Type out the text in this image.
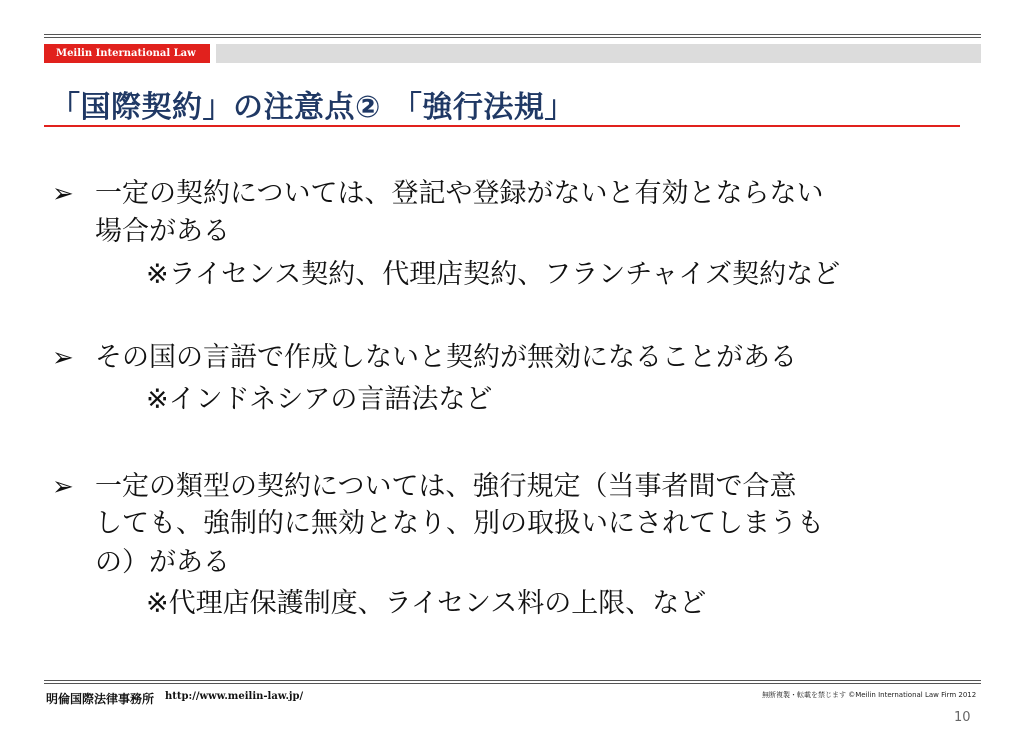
Meilin International Law Firm
「国際契約」の注意点② 「強行法規」
➢ 一定の契約については、登記や登録がないと有効とならない
場合がある
※ライセンス契約、代理店契約、フランチャイズ契約など
➢ その国の言語で作成しないと契約が無効になることがある
※インドネシアの言語法など
➢ 一定の類型の契約については、強行規定（当事者間で合意
しても、強制的に無効となり、別の取扱いにされてしまうも
の）がある
※代理店保護制度、ライセンス料の上限、など
明倫国際法律事務所 http://www.meilin-law.jp/	無断複製・転載を禁じます ©Meilin International Law Firm 2012
10
